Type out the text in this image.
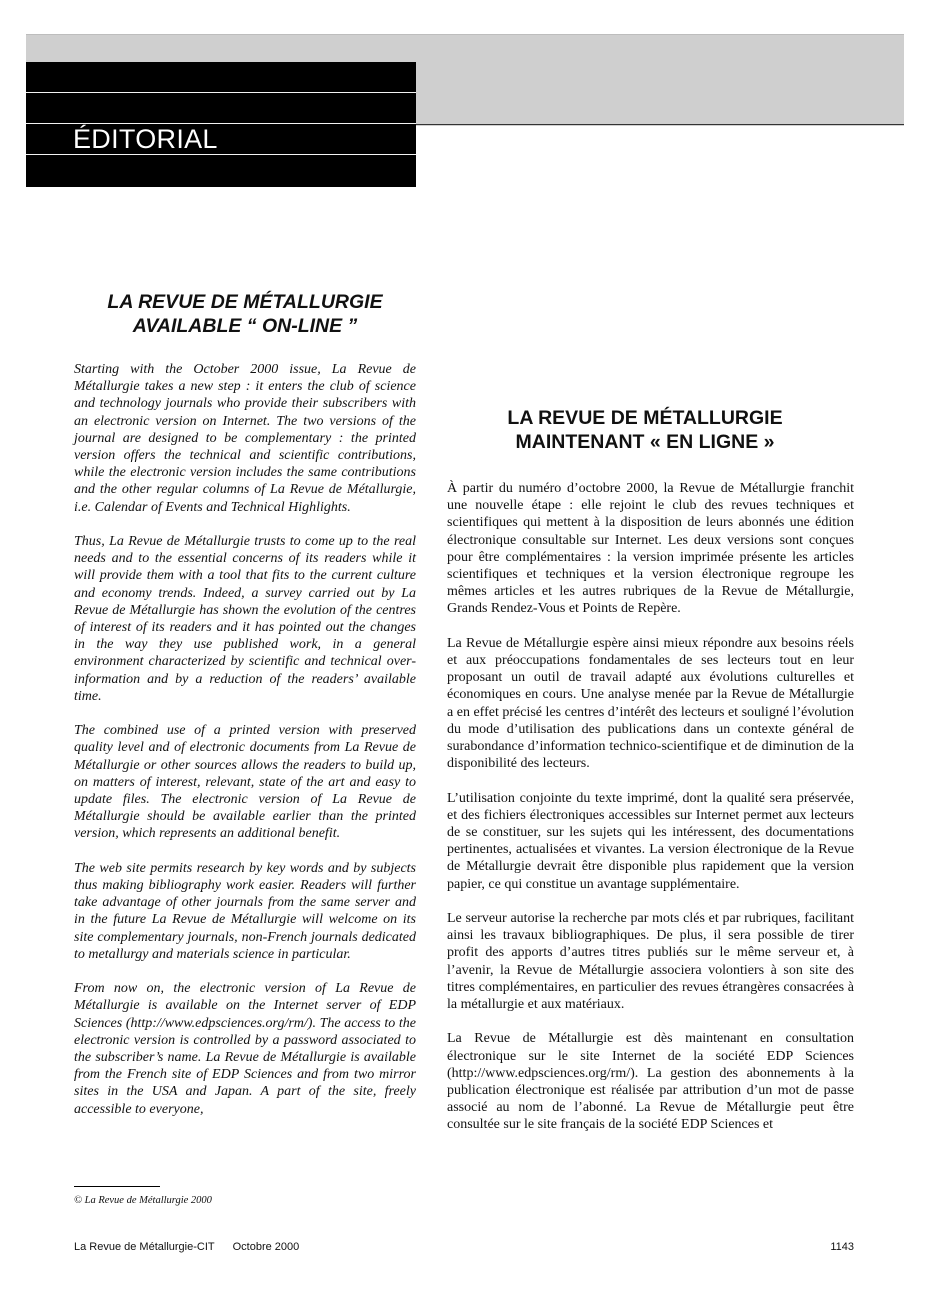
ÉDITORIAL
LA REVUE DE MÉTALLURGIE
AVAILABLE “ ON-LINE ”

Starting with the October 2000 issue, La Revue de Métallurgie takes a new step : it enters the club of science and technology journals who provide their subscribers with an electronic version on Internet. The two versions of the journal are designed to be complementary : the printed version offers the technical and scientific contributions, while the electronic version includes the same contributions and the other regular columns of La Revue de Métallurgie, i.e. Calendar of Events and Technical Highlights.

Thus, La Revue de Métallurgie trusts to come up to the real needs and to the essential concerns of its readers while it will provide them with a tool that fits to the current culture and economy trends. Indeed, a survey carried out by La Revue de Métallurgie has shown the evolution of the centres of interest of its readers and it has pointed out the changes in the way they use published work, in a general environment characterized by scientific and technical over-information and by a reduction of the readers’ available time.

The combined use of a printed version with preserved quality level and of electronic documents from La Revue de Métallurgie or other sources allows the readers to build up, on matters of interest, relevant, state of the art and easy to update files. The electronic version of La Revue de Métallurgie should be available earlier than the printed version, which represents an additional benefit.

The web site permits research by key words and by subjects thus making bibliography work easier. Readers will further take advantage of other journals from the same server and in the future La Revue de Métallurgie will welcome on its site complementary journals, non-French journals dedicated to metallurgy and materials science in particular.

From now on, the electronic version of La Revue de Métallurgie is available on the Internet server of EDP Sciences (http://www.edpsciences.org/rm/). The access to the electronic version is controlled by a password associated to the subscriber’s name. La Revue de Métallurgie is available from the French site of EDP Sciences and from two mirror sites in the USA and Japan. A part of the site, freely accessible to everyone,

LA REVUE DE MÉTALLURGIE
MAINTENANT « EN LIGNE »

À partir du numéro d’octobre 2000, la Revue de Métallurgie franchit une nouvelle étape : elle rejoint le club des revues techniques et scientifiques qui mettent à la disposition de leurs abonnés une édition électronique consultable sur Internet. Les deux versions sont conçues pour être complémentaires : la version imprimée présente les articles scientifiques et techniques et la version électronique regroupe les mêmes articles et les autres rubriques de la Revue de Métallurgie, Grands Rendez-Vous et Points de Repère.

La Revue de Métallurgie espère ainsi mieux répondre aux besoins réels et aux préoccupations fondamentales de ses lecteurs tout en leur proposant un outil de travail adapté aux évolutions culturelles et économiques en cours. Une analyse menée par la Revue de Métallurgie a en effet précisé les centres d’intérêt des lecteurs et souligné l’évolution du mode d’utilisation des publications dans un contexte général de surabondance d’information technico-scientifique et de diminution de la disponibilité des lecteurs.

L’utilisation conjointe du texte imprimé, dont la qualité sera préservée, et des fichiers électroniques accessibles sur Internet permet aux lecteurs de se constituer, sur les sujets qui les intéressent, des documentations pertinentes, actualisées et vivantes. La version électronique de la Revue de Métallurgie devrait être disponible plus rapidement que la version papier, ce qui constitue un avantage supplémentaire.

Le serveur autorise la recherche par mots clés et par rubriques, facilitant ainsi les travaux bibliographiques. De plus, il sera possible de tirer profit des apports d’autres titres publiés sur le même serveur et, à l’avenir, la Revue de Métallurgie associera volontiers à son site des titres complémentaires, en particulier des revues étrangères consacrées à la métallurgie et aux matériaux.

La Revue de Métallurgie est dès maintenant en consultation électronique sur le site Internet de la société EDP Sciences (http://www.edpsciences.org/rm/). La gestion des abonnements à la publication électronique est réalisée par attribution d’un mot de passe associé au nom de l’abonné. La Revue de Métallurgie peut être consultée sur le site français de la société EDP Sciences et

© La Revue de Métallurgie 2000
La Revue de Métallurgie-CIT Octobre 2000	1143
